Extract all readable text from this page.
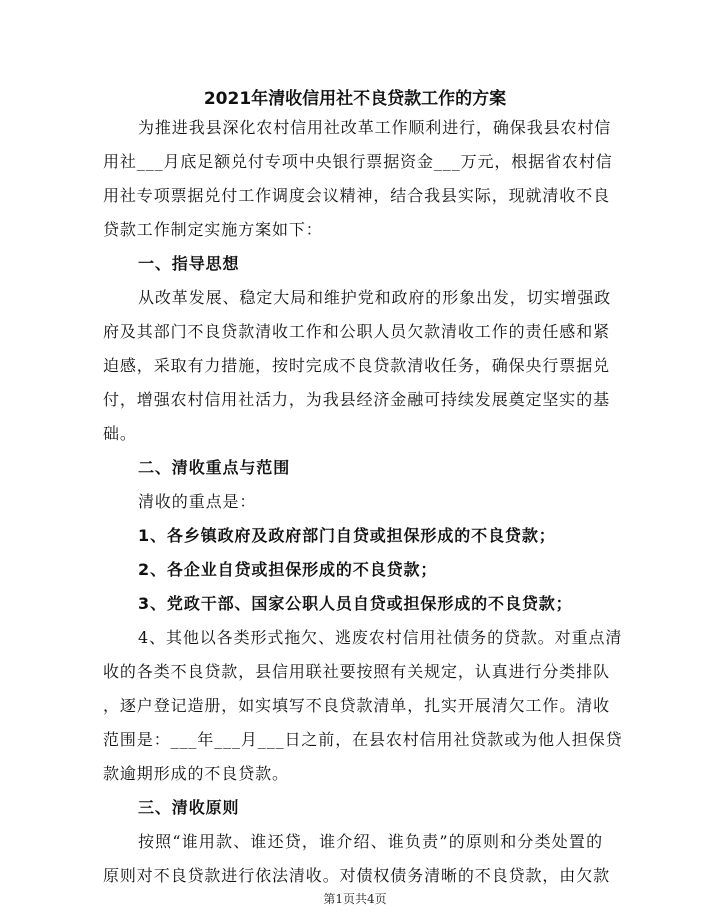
2021年清收信用社不良贷款工作的方案
为推进我县深化农村信用社改革工作顺利进行，确保我县农村信
用社___月底足额兑付专项中央银行票据资金___万元，根据省农村信
用社专项票据兑付工作调度会议精神，结合我县实际，现就清收不良
贷款工作制定实施方案如下：
一、指导思想
从改革发展、稳定大局和维护党和政府的形象出发，切实增强政
府及其部门不良贷款清收工作和公职人员欠款清收工作的责任感和紧
迫感，采取有力措施，按时完成不良贷款清收任务，确保央行票据兑
付，增强农村信用社活力，为我县经济金融可持续发展奠定坚实的基
础。
二、清收重点与范围
清收的重点是：
1、各乡镇政府及政府部门自贷或担保形成的不良贷款；
2、各企业自贷或担保形成的不良贷款；
3、党政干部、国家公职人员自贷或担保形成的不良贷款；
4、其他以各类形式拖欠、逃废农村信用社债务的贷款。对重点清
收的各类不良贷款，县信用联社要按照有关规定，认真进行分类排队
，逐户登记造册，如实填写不良贷款清单，扎实开展清欠工作。清收
范围是：___年___月___日之前，在县农村信用社贷款或为他人担保贷
款逾期形成的不良贷款。
三、清收原则
按照“谁用款、谁还贷，谁介绍、谁负责”的原则和分类处置的
原则对不良贷款进行依法清收。对债权债务清晰的不良贷款，由欠款
第1页共4页
